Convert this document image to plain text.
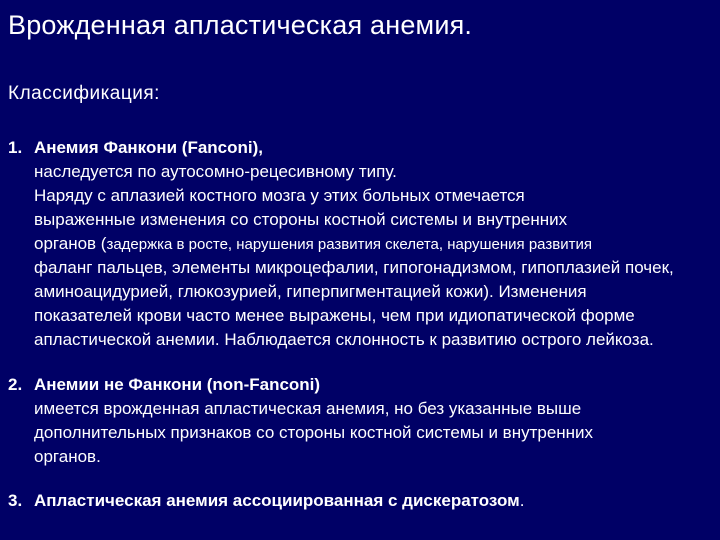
Врожденная апластическая анемия.
Классификация:
1. Анемия Фанкони (Fanconi),
наследуется по аутосомно-рецесивному типу.
Наряду с аплазией костного мозга у этих больных отмечается
выраженные изменения со стороны костной системы и внутренних
органов (задержка в росте, нарушения развития скелета, нарушения развития
фаланг пальцев, элементы микроцефалии, гипогонадизмом, гипоплазией почек,
аминоацидурией, глюкозурией, гиперпигментацией кожи). Изменения
показателей крови часто менее выражены, чем при идиопатической форме
апластической анемии. Наблюдается склонность к развитию острого лейкоза.
2. Анемии не Фанкони (non-Fanconi)
имеется врожденная апластическая анемия, но без указанные выше
дополнительных признаков со стороны костной системы и внутренних
органов.
3. Апластическая анемия ассоциированная с дискератозом.
